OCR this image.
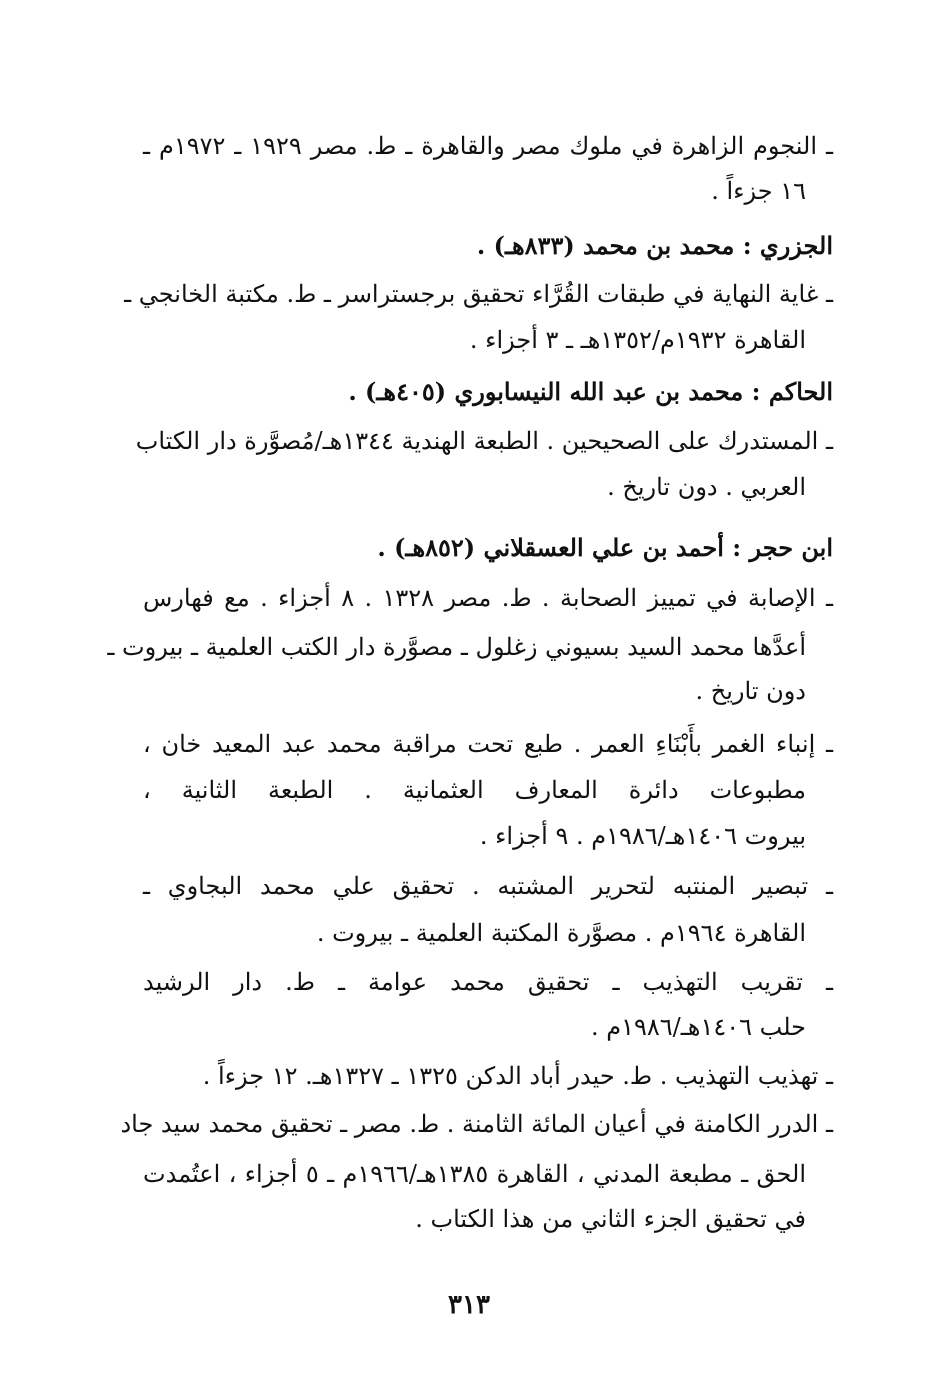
ـ النجوم الزاهرة في ملوك مصر والقاهرة ـ ط. مصر ١٩٢٩ ـ ١٩٧٢م ـ
١٦ جزءاً .
الجزري : محمد بن محمد (٨٣٣هـ) .
ـ غاية النهاية في طبقات القُرَّاء تحقيق برجستراسر ـ ط. مكتبة الخانجي ـ
القاهرة ١٩٣٢م/١٣٥٢هـ ـ ٣ أجزاء .
الحاكم : محمد بن عبد الله النيسابوري (٤٠٥هـ) .
ـ المستدرك على الصحيحين . الطبعة الهندية ١٣٤٤هـ/مُصوَّرة دار الكتاب
العربي . دون تاريخ .
ابن حجر : أحمد بن علي العسقلاني (٨٥٢هـ) .
ـ الإصابة في تمييز الصحابة . ط. مصر ١٣٢٨ . ٨ أجزاء . مع فهارس
أعدَّها محمد السيد بسيوني زغلول ـ مصوَّرة دار الكتب العلمية ـ بيروت ـ
دون تاريخ .
ـ إنباء الغمر بأَبْنَاءِ العمر . طبع تحت مراقبة محمد عبد المعيد خان ،
مطبوعات دائرة المعارف العثمانية . الطبعة الثانية ،
بيروت ١٤٠٦هـ/١٩٨٦م . ٩ أجزاء .
ـ تبصير المنتبه لتحرير المشتبه . تحقيق علي محمد البجاوي ـ
القاهرة ١٩٦٤م . مصوَّرة المكتبة العلمية ـ بيروت .
ـ تقريب التهذيب ـ تحقيق محمد عوامة ـ ط. دار الرشيد
حلب ١٤٠٦هـ/١٩٨٦م .
ـ تهذيب التهذيب . ط. حيدر أباد الدكن ١٣٢٥ ـ ١٣٢٧هـ. ١٢ جزءاً .
ـ الدرر الكامنة في أعيان المائة الثامنة . ط. مصر ـ تحقيق محمد سيد جاد
الحق ـ مطبعة المدني ، القاهرة ١٣٨٥هـ/١٩٦٦م ـ ٥ أجزاء ، اعتُمدت
في تحقيق الجزء الثاني من هذا الكتاب .
٣١٣
